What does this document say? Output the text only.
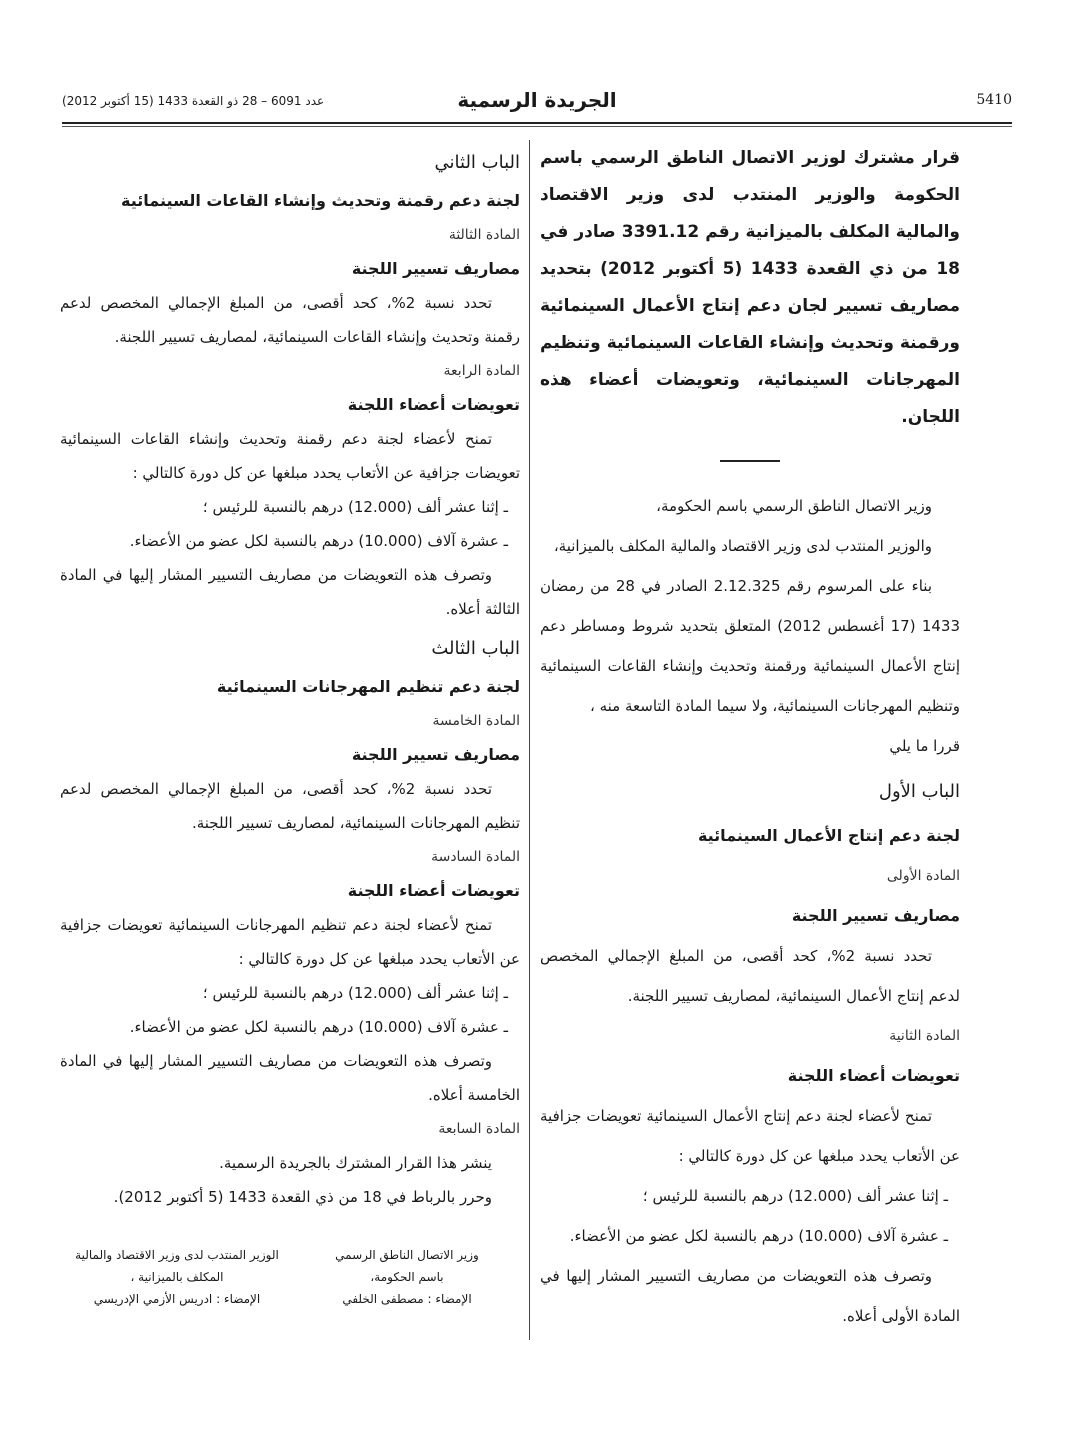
5410
الجريدة الرسمية
عدد 6091 – 28 ذو القعدة 1433 (15 أكتوبر 2012)

قرار مشترك لوزير الاتصال الناطق الرسمي باسم الحكومة والوزير المنتدب لدى وزير الاقتصاد والمالية المكلف بالميزانية رقم 3391.12 صادر في 18 من ذي القعدة 1433 (5 أكتوبر 2012) بتحديد مصاريف تسيير لجان دعم إنتاج الأعمال السينمائية ورقمنة وتحديث وإنشاء القاعات السينمائية وتنظيم المهرجانات السينمائية، وتعويضات أعضاء هذه اللجان.

وزير الاتصال الناطق الرسمي باسم الحكومة،

والوزير المنتدب لدى وزير الاقتصاد والمالية المكلف بالميزانية،

بناء على المرسوم رقم 2.12.325 الصادر في 28 من رمضان 1433 (17 أغسطس 2012) المتعلق بتحديد شروط ومساطر دعم إنتاج الأعمال السينمائية ورقمنة وتحديث وإنشاء القاعات السينمائية وتنظيم المهرجانات السينمائية، ولا سيما المادة التاسعة منه ،

قررا ما يلي

الباب الأول

لجنة دعم إنتاج الأعمال السينمائية

المادة الأولى

مصاريف تسيير اللجنة

تحدد نسبة 2%، كحد أقصى، من المبلغ الإجمالي المخصص لدعم إنتاج الأعمال السينمائية، لمصاريف تسيير اللجنة.

المادة الثانية

تعويضات أعضاء اللجنة

تمنح لأعضاء لجنة دعم إنتاج الأعمال السينمائية تعويضات جزافية عن الأتعاب يحدد مبلغها عن كل دورة كالتالي :

ـ إثنا عشر ألف (12.000) درهم بالنسبة للرئيس ؛

ـ عشرة آلاف (10.000) درهم بالنسبة لكل عضو من الأعضاء.

وتصرف هذه التعويضات من مصاريف التسيير المشار إليها في المادة الأولى أعلاه.

الباب الثاني

لجنة دعم رقمنة وتحديث وإنشاء القاعات السينمائية

المادة الثالثة

مصاريف تسيير اللجنة

تحدد نسبة 2%، كحد أقصى، من المبلغ الإجمالي المخصص لدعم رقمنة وتحديث وإنشاء القاعات السينمائية، لمصاريف تسيير اللجنة.

المادة الرابعة

تعويضات أعضاء اللجنة

تمنح لأعضاء لجنة دعم رقمنة وتحديث وإنشاء القاعات السينمائية تعويضات جزافية عن الأتعاب يحدد مبلغها عن كل دورة كالتالي :

ـ إثنا عشر ألف (12.000) درهم بالنسبة للرئيس ؛

ـ عشرة آلاف (10.000) درهم بالنسبة لكل عضو من الأعضاء.

وتصرف هذه التعويضات من مصاريف التسيير المشار إليها في المادة الثالثة أعلاه.

الباب الثالث

لجنة دعم تنظيم المهرجانات السينمائية

المادة الخامسة

مصاريف تسيير اللجنة

تحدد نسبة 2%، كحد أقصى، من المبلغ الإجمالي المخصص لدعم تنظيم المهرجانات السينمائية، لمصاريف تسيير اللجنة.

المادة السادسة

تعويضات أعضاء اللجنة

تمنح لأعضاء لجنة دعم تنظيم المهرجانات السينمائية تعويضات جزافية عن الأتعاب يحدد مبلغها عن كل دورة كالتالي :

ـ إثنا عشر ألف (12.000) درهم بالنسبة للرئيس ؛

ـ عشرة آلاف (10.000) درهم بالنسبة لكل عضو من الأعضاء.

وتصرف هذه التعويضات من مصاريف التسيير المشار إليها في المادة الخامسة أعلاه.

المادة السابعة

ينشر هذا القرار المشترك بالجريدة الرسمية.

وحرر بالرباط في 18 من ذي القعدة 1433 (5 أكتوبر 2012).

وزير الاتصال الناطق الرسمي
باسم الحكومة،
الإمضاء : مصطفى الخلفي
الوزير المنتدب لدى وزير الاقتصاد والمالية
المكلف بالميزانية ،
الإمضاء : ادريس الأزمي الإدريسي
